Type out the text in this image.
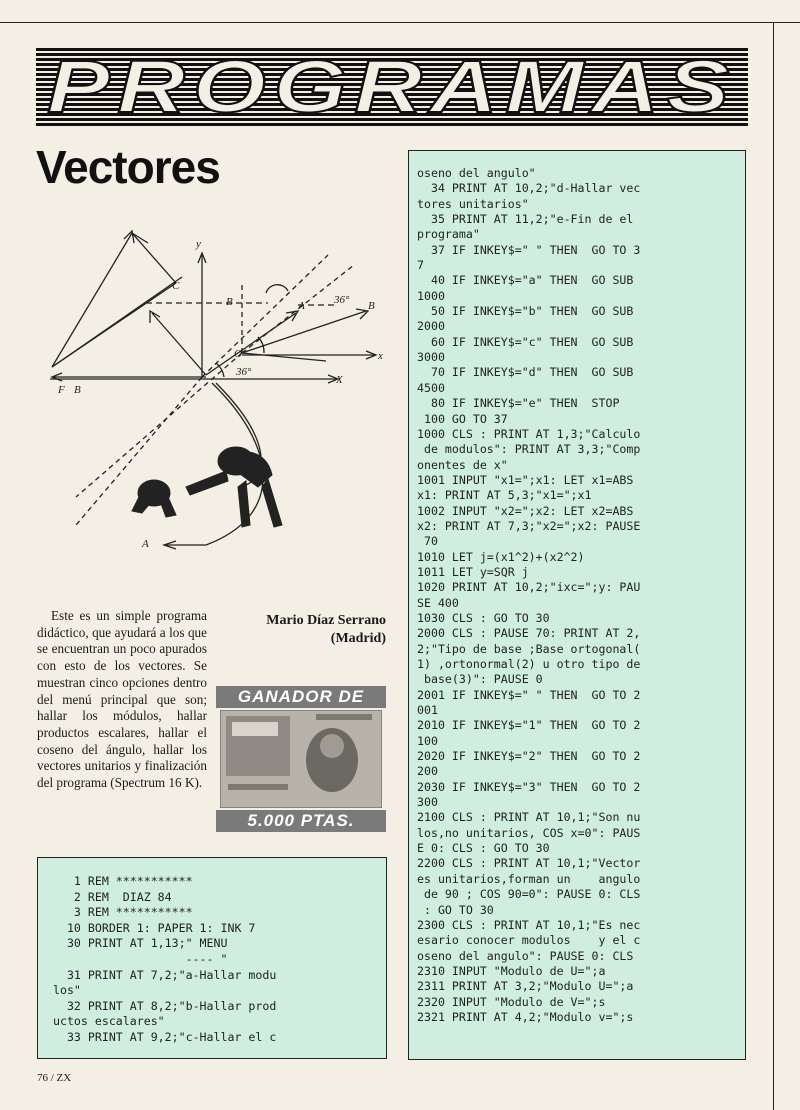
PROGRAMAS
Vectores
y
x
X
B	B
B
F
A
A
C
O
36°
36°
Este es un simple programa didáctico, que ayudará a los que se encuentran un poco apurados con esto de los vectores. Se muestran cinco opciones dentro del menú principal que son; hallar los módulos, hallar productos escalares, hallar el coseno del ángulo, hallar los vectores unitarios y finalización del programa (Spectrum 16 K).
Mario Díaz Serrano
(Madrid)
GANADOR DE
5.000 PTAS.
1 REM ***********
2 REM  DIAZ 84
3 REM ***********
10 BORDER 1: PAPER 1: INK 7
30 PRINT AT 1,13;" MENU
---- "
31 PRINT AT 7,2;"a-Hallar modu
los"
32 PRINT AT 8,2;"b-Hallar prod
uctos escalares"
33 PRINT AT 9,2;"c-Hallar el c
oseno del angulo"
34 PRINT AT 10,2;"d-Hallar vec
tores unitarios"
35 PRINT AT 11,2;"e-Fin de el
programa"
37 IF INKEY$=" " THEN  GO TO 3
7
40 IF INKEY$="a" THEN  GO SUB
1000
50 IF INKEY$="b" THEN  GO SUB
2000
60 IF INKEY$="c" THEN  GO SUB
3000
70 IF INKEY$="d" THEN  GO SUB
4500
80 IF INKEY$="e" THEN  STOP
100 GO TO 37
1000 CLS : PRINT AT 1,3;"Calculo
de modulos": PRINT AT 3,3;"Comp
onentes de x"
1001 INPUT "x1=";x1: LET x1=ABS
x1: PRINT AT 5,3;"x1=";x1
1002 INPUT "x2=";x2: LET x2=ABS
x2: PRINT AT 7,3;"x2=";x2: PAUSE
70
1010 LET j=(x1^2)+(x2^2)
1011 LET y=SQR j
1020 PRINT AT 10,2;"ixc=";y: PAU
SE 400
1030 CLS : GO TO 30
2000 CLS : PAUSE 70: PRINT AT 2,
2;"Tipo de base ;Base ortogonal(
1) ,ortonormal(2) u otro tipo de
base(3)": PAUSE 0
2001 IF INKEY$=" " THEN  GO TO 2
001
2010 IF INKEY$="1" THEN  GO TO 2
100
2020 IF INKEY$="2" THEN  GO TO 2
200
2030 IF INKEY$="3" THEN  GO TO 2
300
2100 CLS : PRINT AT 10,1;"Son nu
los,no unitarios, COS x=0": PAUS
E 0: CLS : GO TO 30
2200 CLS : PRINT AT 10,1;"Vector
es unitarios,forman un    angulo
de 90 ; COS 90=0": PAUSE 0: CLS
: GO TO 30
2300 CLS : PRINT AT 10,1;"Es nec
esario conocer modulos    y el c
oseno del angulo": PAUSE 0: CLS
2310 INPUT "Modulo de U=";a
2311 PRINT AT 3,2;"Modulo U=";a
2320 INPUT "Modulo de V=";s
2321 PRINT AT 4,2;"Modulo v=";s
76 / ZX
